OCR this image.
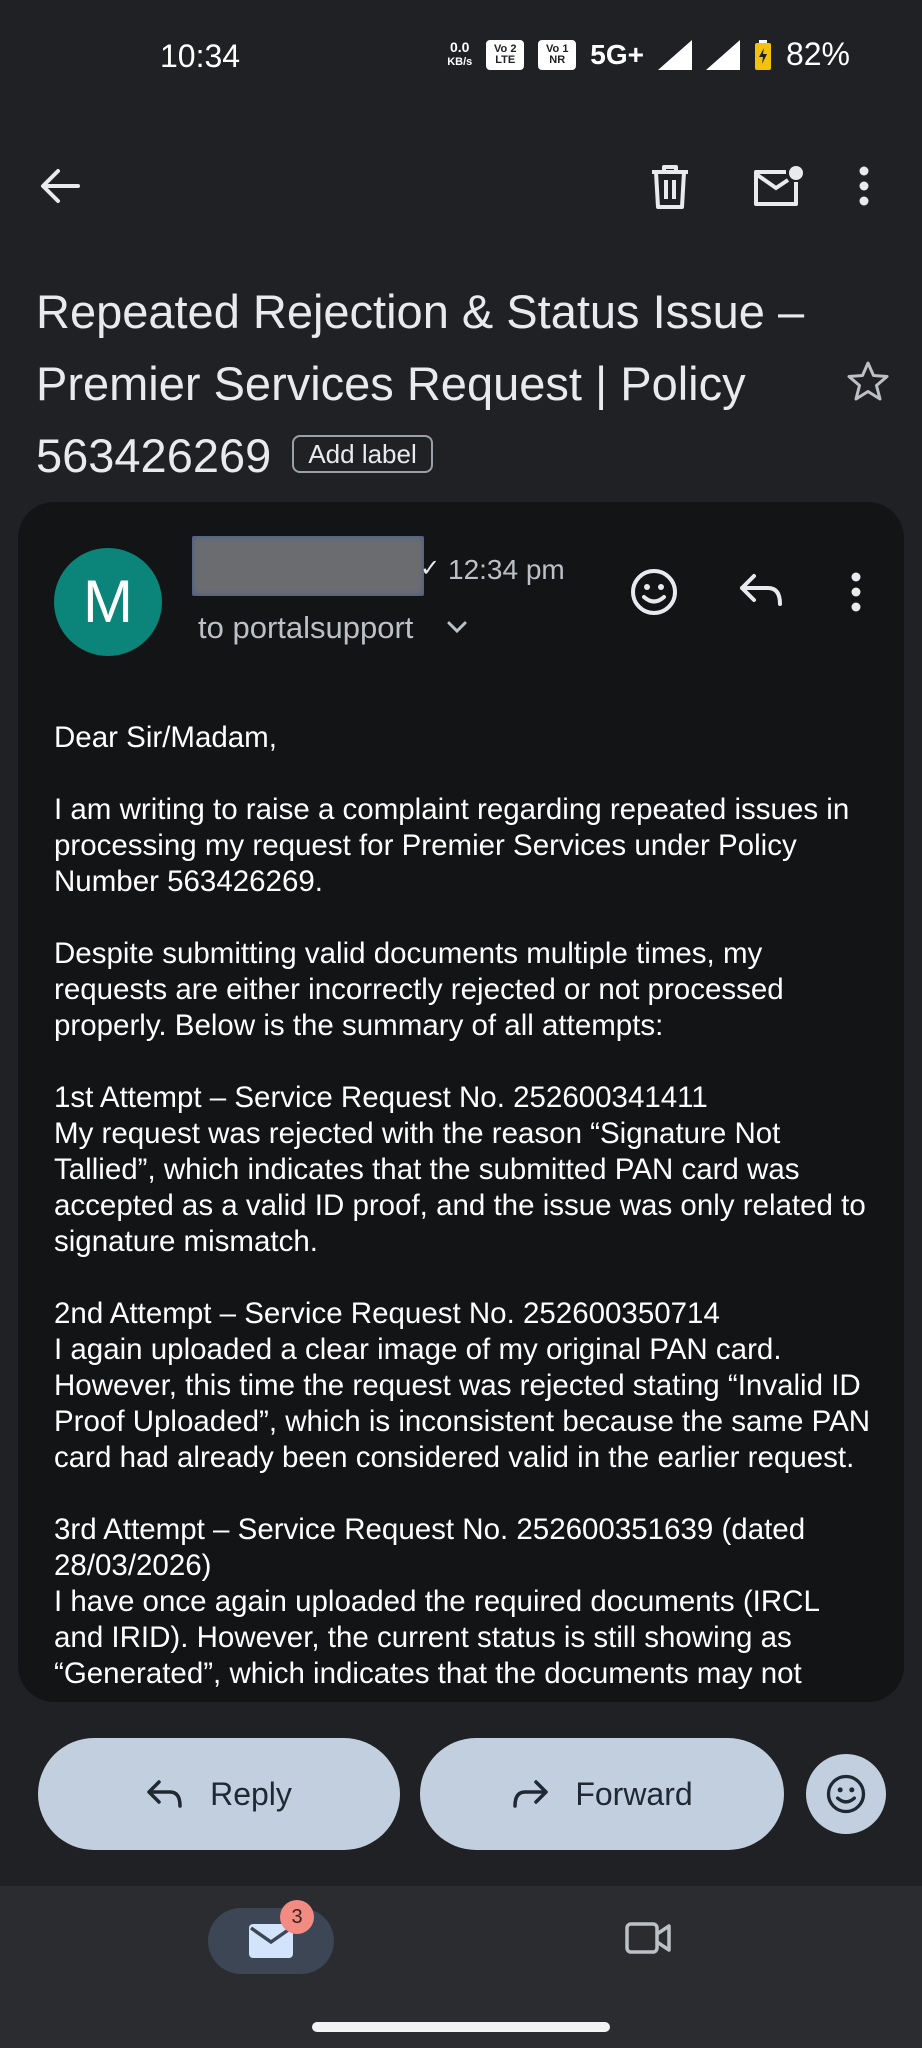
10:34	0.0
KB/s
Vo 2 LTE
Vo 1 NR 5G+	82%
Repeated Rejection & Status Issue – Premier Services Request | Policy 563426269 Add label
M	✓ 12:34 pm
to portalsupport

Dear Sir/Madam,

I am writing to raise a complaint regarding repeated issues in processing my request for Premier Services under Policy Number 563426269.

Despite submitting valid documents multiple times, my requests are either incorrectly rejected or not processed properly. Below is the summary of all attempts:

1st Attempt – Service Request No. 252600341411
My request was rejected with the reason “Signature Not Tallied”, which indicates that the submitted PAN card was accepted as a valid ID proof, and the issue was only related to signature mismatch.

2nd Attempt – Service Request No. 252600350714
I again uploaded a clear image of my original PAN card. However, this time the request was rejected stating “Invalid ID Proof Uploaded”, which is inconsistent because the same PAN card had already been considered valid in the earlier request.

3rd Attempt – Service Request No. 252600351639 (dated 28/03/2026)
I have once again uploaded the required documents (IRCL and IRID). However, the current status is still showing as “Generated”, which indicates that the documents may not

Reply	Forward
3
